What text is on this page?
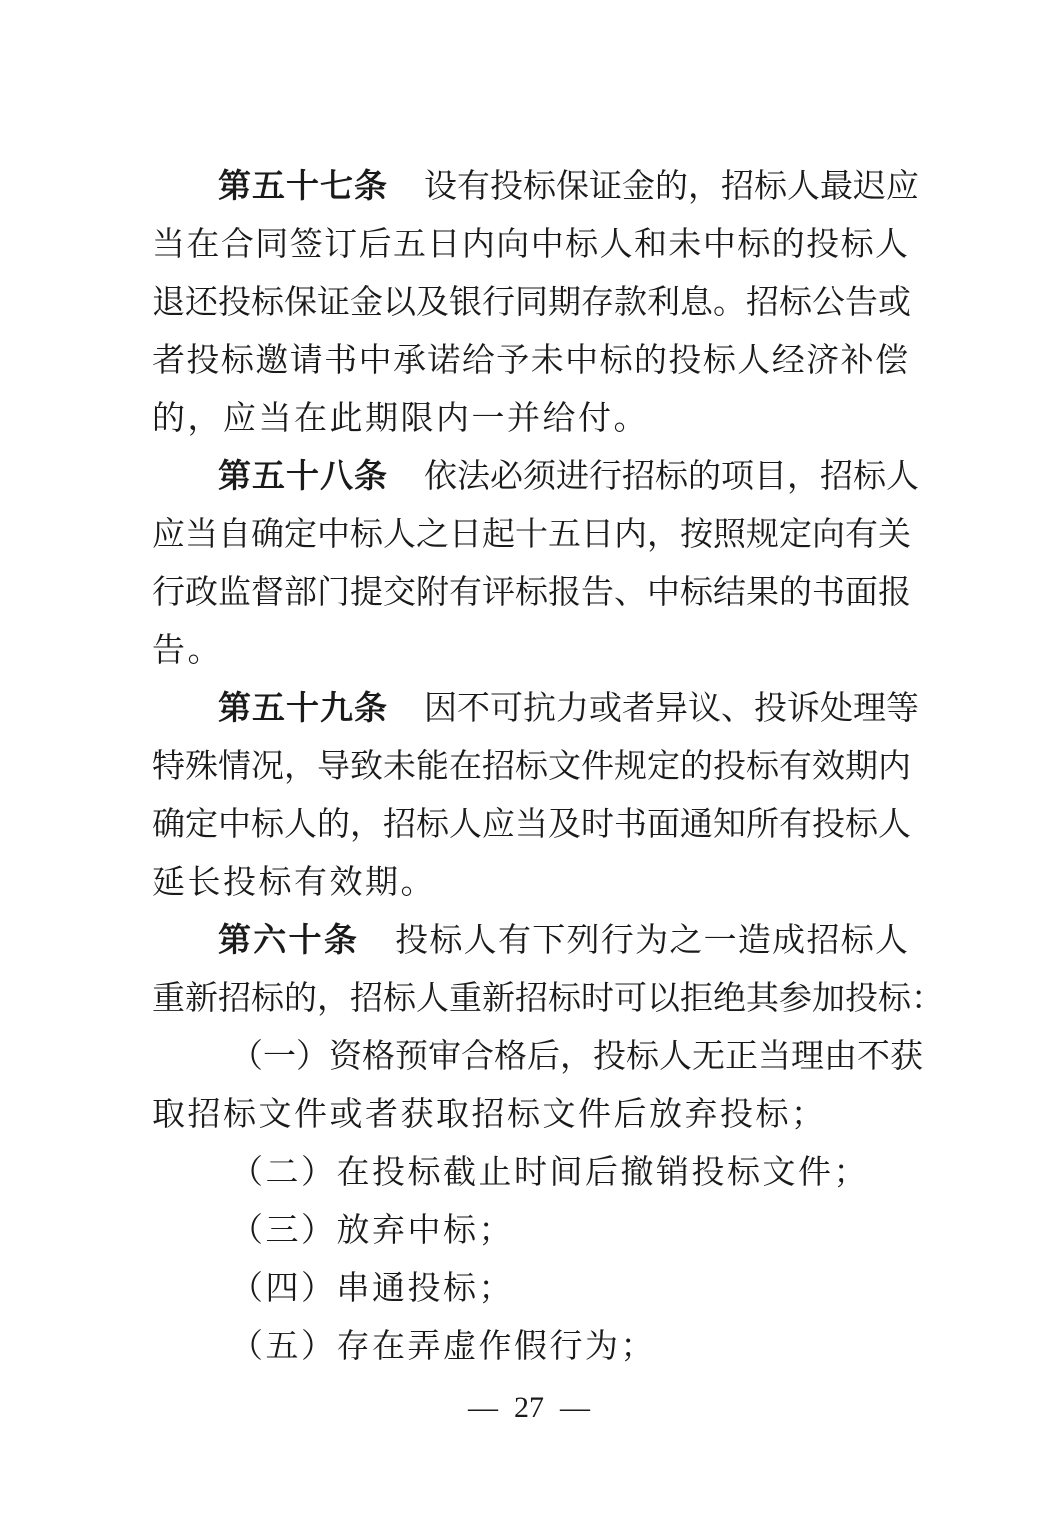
第五十七条 设有投标保证金的，招标人最迟应
当在合同签订后五日内向中标人和未中标的投标人
退还投标保证金以及银行同期存款利息。招标公告或
者投标邀请书中承诺给予未中标的投标人经济补偿
的，应当在此期限内一并给付。
第五十八条 依法必须进行招标的项目，招标人
应当自确定中标人之日起十五日内，按照规定向有关
行政监督部门提交附有评标报告、中标结果的书面报
告。
第五十九条 因不可抗力或者异议、投诉处理等
特殊情况，导致未能在招标文件规定的投标有效期内
确定中标人的，招标人应当及时书面通知所有投标人
延长投标有效期。
第六十条 投标人有下列行为之一造成招标人
重新招标的，招标人重新招标时可以拒绝其参加投标：
（一）资格预审合格后，投标人无正当理由不获
取招标文件或者获取招标文件后放弃投标；
（二）在投标截止时间后撤销投标文件；
（三）放弃中标；
（四）串通投标；
（五）存在弄虚作假行为；
— 27 —
